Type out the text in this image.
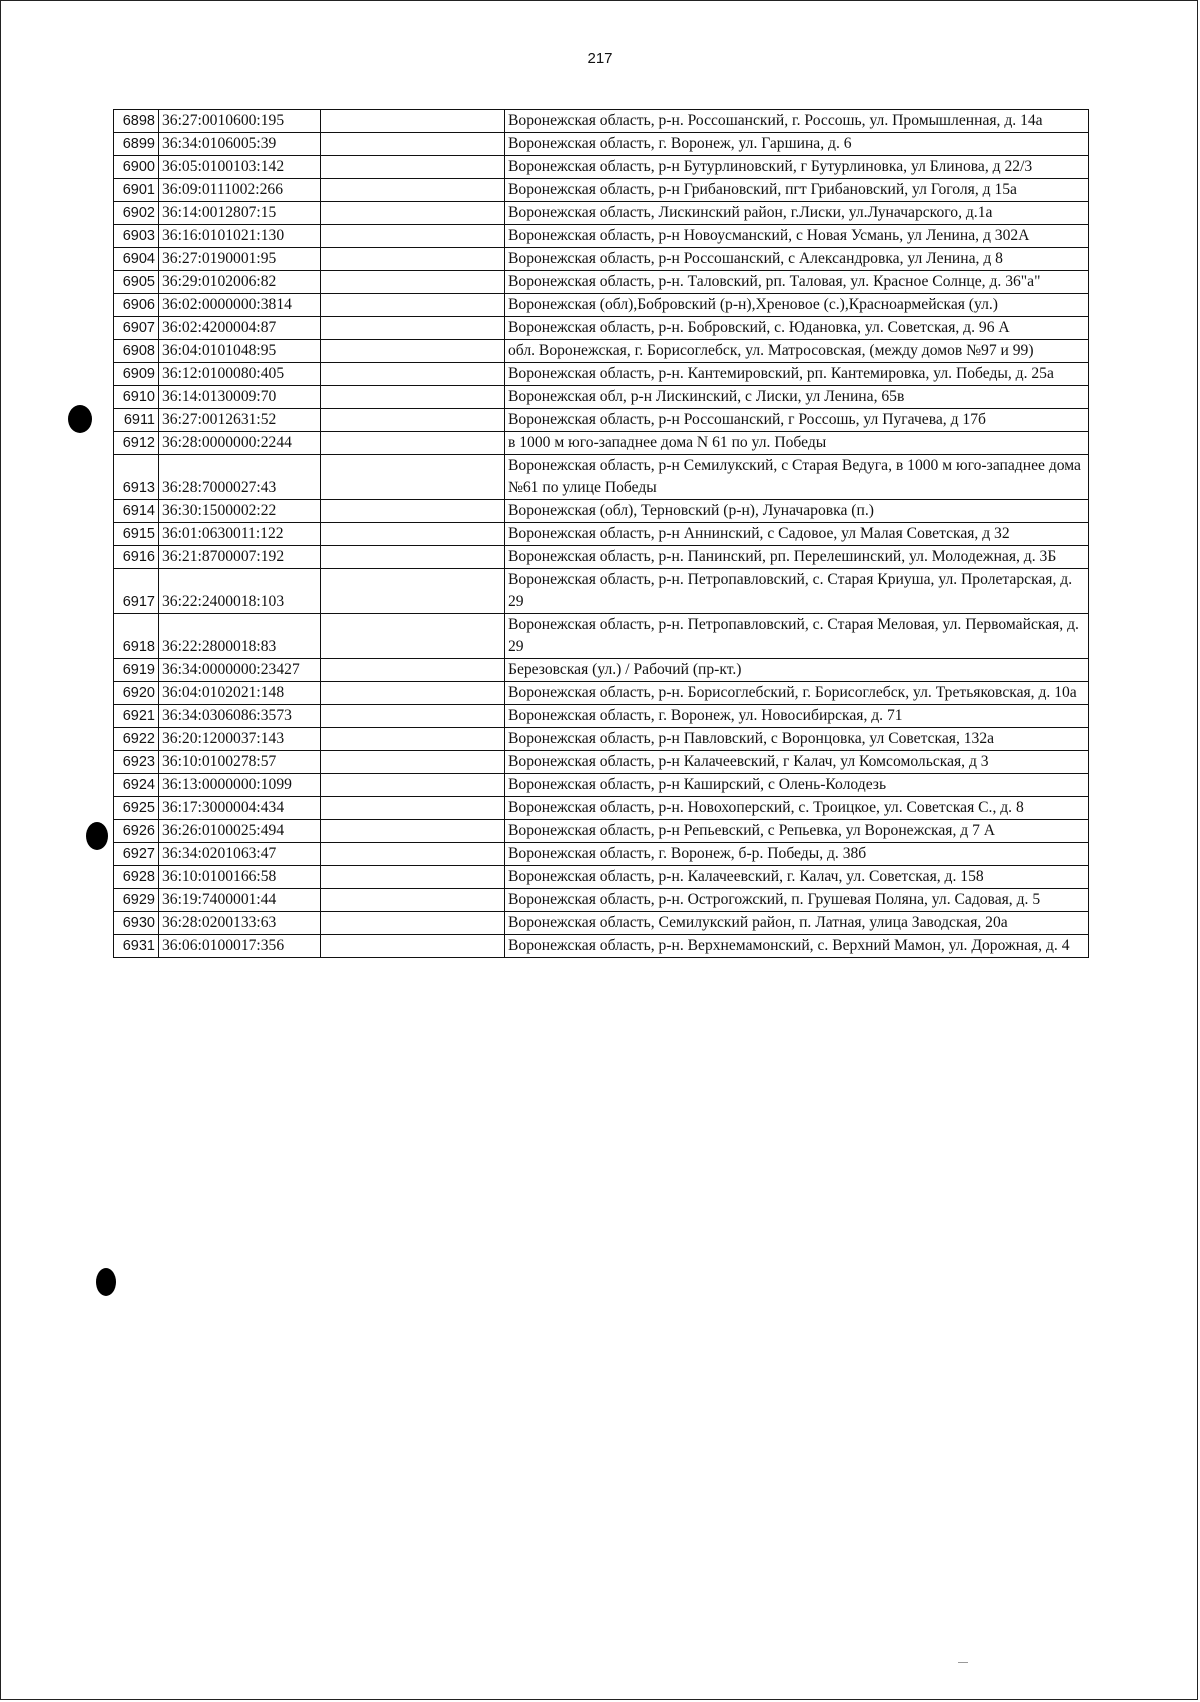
217
6898	36:27:0010600:195		Воронежская область, р-н. Россошанский, г. Россошь, ул. Промышленная, д. 14а
6899	36:34:0106005:39		Воронежская область, г. Воронеж, ул. Гаршина, д. 6
6900	36:05:0100103:142		Воронежская область, р-н Бутурлиновский, г Бутурлиновка, ул Блинова, д 22/3
6901	36:09:0111002:266		Воронежская область, р-н Грибановский, пгт Грибановский, ул Гоголя, д 15а
6902	36:14:0012807:15		Воронежская область, Лискинский район, г.Лиски, ул.Луначарского, д.1а
6903	36:16:0101021:130		Воронежская область, р-н Новоусманский, с Новая Усмань, ул Ленина, д 302А
6904	36:27:0190001:95		Воронежская область, р-н Россошанский, с Александровка, ул Ленина, д 8
6905	36:29:0102006:82		Воронежская область, р-н. Таловский, рп. Таловая, ул. Красное Солнце, д. 36"а"
6906	36:02:0000000:3814		Воронежская (обл),Бобровский (р-н),Хреновое (с.),Красноармейская (ул.)
6907	36:02:4200004:87		Воронежская область, р-н. Бобровский, с. Юдановка, ул. Советская, д. 96 А
6908	36:04:0101048:95		обл. Воронежская, г. Борисоглебск, ул. Матросовская, (между домов №97 и 99)
6909	36:12:0100080:405		Воронежская область, р-н. Кантемировский, рп. Кантемировка, ул. Победы, д. 25а
6910	36:14:0130009:70		Воронежская обл, р-н Лискинский, с Лиски, ул Ленина, 65в
6911	36:27:0012631:52		Воронежская область, р-н Россошанский, г Россошь, ул Пугачева, д 17б
6912	36:28:0000000:2244		в 1000 м юго-западнее дома N 61 по ул. Победы
6913	36:28:7000027:43		Воронежская область, р-н Семилукский, с Старая Ведуга, в 1000 м юго-западнее дома №61 по улице Победы
6914	36:30:1500002:22		Воронежская (обл), Терновский (р-н), Луначаровка (п.)
6915	36:01:0630011:122		Воронежская область, р-н Аннинский, с Садовое, ул Малая Советская, д 32
6916	36:21:8700007:192		Воронежская область, р-н. Панинский, рп. Перелешинский, ул. Молодежная, д. 3Б
6917	36:22:2400018:103		Воронежская область, р-н. Петропавловский, с. Старая Криуша, ул. Пролетарская, д. 29
6918	36:22:2800018:83		Воронежская область, р-н. Петропавловский, с. Старая Меловая, ул. Первомайская, д. 29
6919	36:34:0000000:23427		Березовская (ул.) / Рабочий (пр-кт.)
6920	36:04:0102021:148		Воронежская область, р-н. Борисоглебский, г. Борисоглебск, ул. Третьяковская, д. 10а
6921	36:34:0306086:3573		Воронежская область, г. Воронеж, ул. Новосибирская, д. 71
6922	36:20:1200037:143		Воронежская область, р-н Павловский, с Воронцовка, ул Советская, 132а
6923	36:10:0100278:57		Воронежская область, р-н Калачеевский, г Калач, ул Комсомольская, д 3
6924	36:13:0000000:1099		Воронежская область, р-н Каширский, с Олень-Колодезь
6925	36:17:3000004:434		Воронежская область, р-н. Новохоперский, с. Троицкое, ул. Советская С., д. 8
6926	36:26:0100025:494		Воронежская область, р-н Репьевский, с Репьевка, ул Воронежская, д 7 А
6927	36:34:0201063:47		Воронежская область, г. Воронеж, б-р. Победы, д. 38б
6928	36:10:0100166:58		Воронежская область, р-н. Калачеевский, г. Калач, ул. Советская, д. 158
6929	36:19:7400001:44		Воронежская область, р-н. Острогожский, п. Грушевая Поляна, ул. Садовая, д. 5
6930	36:28:0200133:63		Воронежская область, Семилукский район, п. Латная, улица Заводская, 20а
6931	36:06:0100017:356		Воронежская область, р-н. Верхнемамонский, с. Верхний Мамон, ул. Дорожная, д. 4
